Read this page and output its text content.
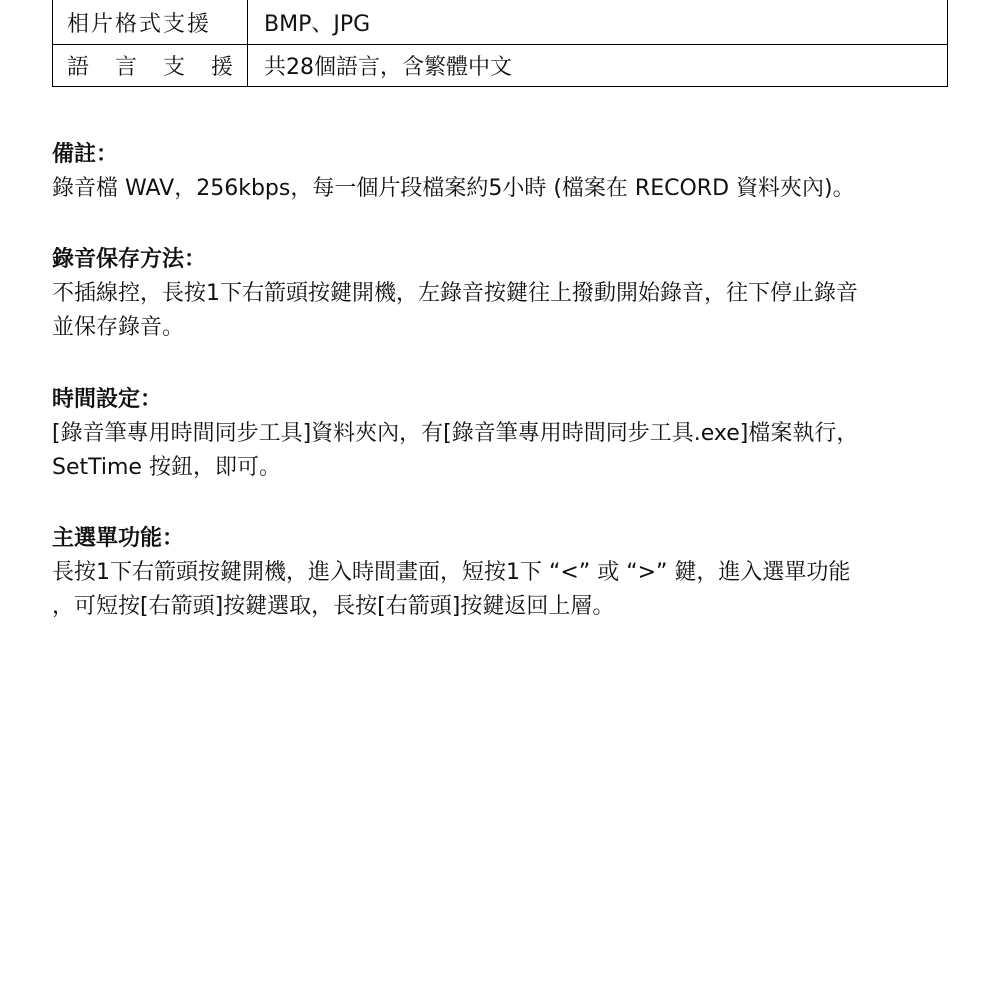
相片格式支援	BMP、JPG
語言支援	共28個語言，含繁體中文
備註：

錄音檔 WAV，256kbps，每一個片段檔案約5小時 (檔案在 RECORD 資料夾內)。

錄音保存方法：

不插線控，長按1下右箭頭按鍵開機，左錄音按鍵往上撥動開始錄音，往下停止錄音

並保存錄音。

時間設定：

[錄音筆專用時間同步工具]資料夾內，有[錄音筆專用時間同步工具.exe]檔案執行，

SetTime 按鈕，即可。

主選單功能：

長按1下右箭頭按鍵開機，進入時間畫面，短按1下 “<” 或 “>” 鍵，進入選單功能

，可短按[右箭頭]按鍵選取，長按[右箭頭]按鍵返回上層。
